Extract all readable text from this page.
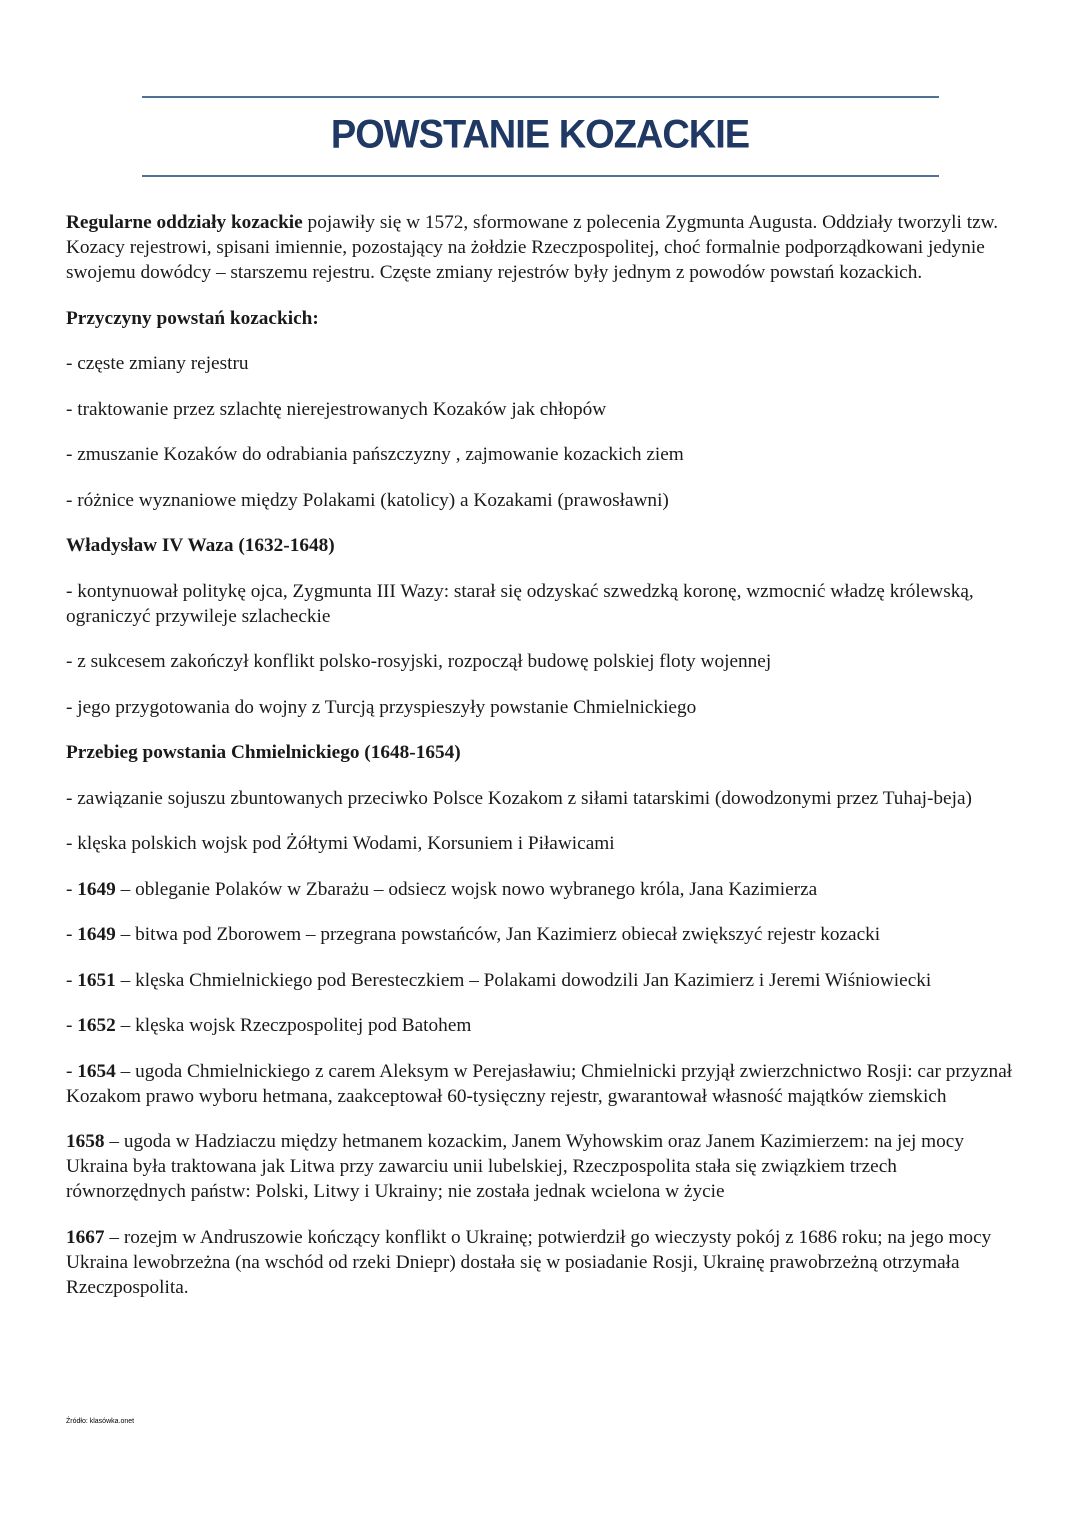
POWSTANIE KOZACKIE

Regularne oddziały kozackie pojawiły się w 1572, sformowane z polecenia Zygmunta Augusta. Oddziały tworzyli tzw. Kozacy rejestrowi, spisani imiennie, pozostający na żołdzie Rzeczpospolitej, choć formalnie podporządkowani jedynie swojemu dowódcy – starszemu rejestru. Częste zmiany rejestrów były jednym z powodów powstań kozackich.

Przyczyny powstań kozackich:

- częste zmiany rejestru

- traktowanie przez szlachtę nierejestrowanych Kozaków jak chłopów

- zmuszanie Kozaków do odrabiania pańszczyzny , zajmowanie kozackich ziem

- różnice wyznaniowe między Polakami (katolicy) a Kozakami (prawosławni)

Władysław IV Waza (1632-1648)

- kontynuował politykę ojca, Zygmunta III Wazy: starał się odzyskać szwedzką koronę, wzmocnić władzę królewską, ograniczyć przywileje szlacheckie

- z sukcesem zakończył konflikt polsko-rosyjski, rozpoczął budowę polskiej floty wojennej

- jego przygotowania do wojny z Turcją przyspieszyły powstanie Chmielnickiego

Przebieg powstania Chmielnickiego (1648-1654)

- zawiązanie sojuszu zbuntowanych przeciwko Polsce Kozakom z siłami tatarskimi (dowodzonymi przez Tuhaj-beja)

- klęska polskich wojsk pod Żółtymi Wodami, Korsuniem i Piławicami

- 1649 – obleganie Polaków w Zbarażu – odsiecz wojsk nowo wybranego króla, Jana Kazimierza

- 1649 – bitwa pod Zborowem – przegrana powstańców, Jan Kazimierz obiecał zwiększyć rejestr kozacki

- 1651 – klęska Chmielnickiego pod Beresteczkiem – Polakami dowodzili Jan Kazimierz i Jeremi Wiśniowiecki

- 1652 – klęska wojsk Rzeczpospolitej pod Batohem

- 1654 – ugoda Chmielnickiego z carem Aleksym w Perejasławiu; Chmielnicki przyjął zwierzchnictwo Rosji: car przyznał Kozakom prawo wyboru hetmana, zaakceptował 60-tysięczny rejestr, gwarantował własność majątków ziemskich

1658 – ugoda w Hadziaczu między hetmanem kozackim, Janem Wyhowskim oraz Janem Kazimierzem: na jej mocy Ukraina była traktowana jak Litwa przy zawarciu unii lubelskiej, Rzeczpospolita stała się związkiem trzech równorzędnych państw: Polski, Litwy i Ukrainy; nie została jednak wcielona w życie

1667 – rozejm w Andruszowie kończący konflikt o Ukrainę; potwierdził go wieczysty pokój z 1686 roku; na jego mocy Ukraina lewobrzeżna (na wschód od rzeki Dniepr) dostała się w posiadanie Rosji, Ukrainę prawobrzeżną otrzymała Rzeczpospolita.

Źródło: klasówka.onet
